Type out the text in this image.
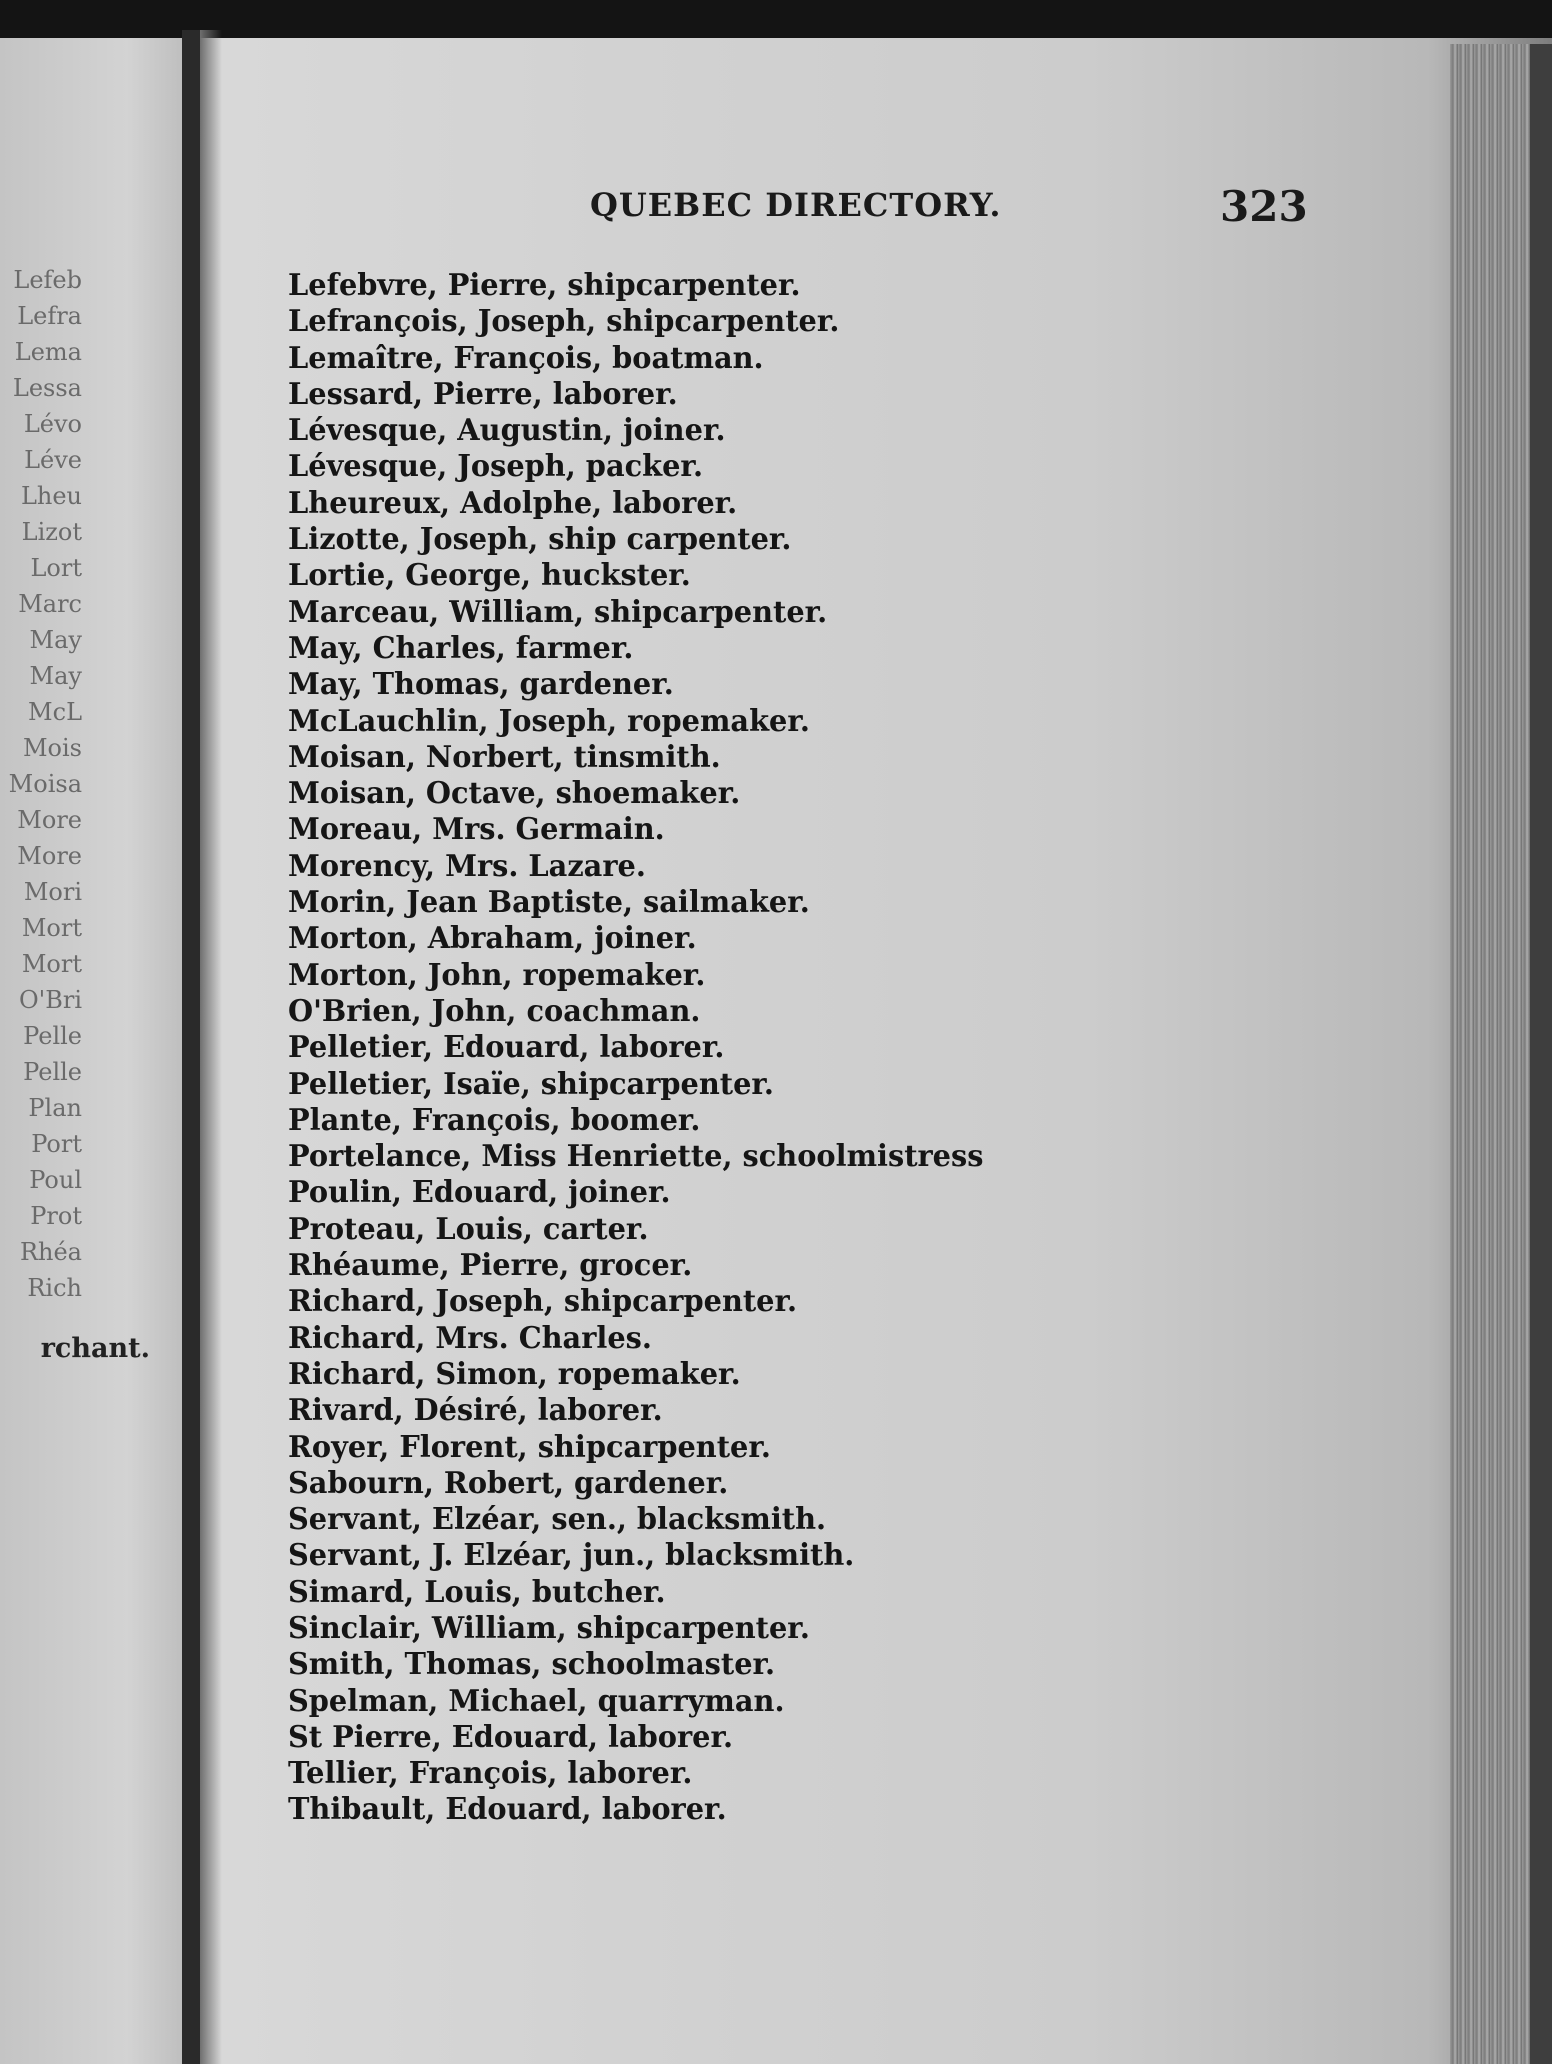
Lefeb
Lefra
Lema
Lessa
Lévo
Léve
Lheu
Lizot
Lort
Marc
May
May
McL
Mois
Moisa
More
More
Mori
Mort
Mort
O'Bri
Pelle
Pelle
Plan
Port
Poul
Prot
Rhéa
Rich
rchant.
QUEBEC DIRECTORY.	323
Lefebvre, Pierre, shipcarpenter.
Lefrançois, Joseph, shipcarpenter.
Lemaître, François, boatman.
Lessard, Pierre, laborer.
Lévesque, Augustin, joiner.
Lévesque, Joseph, packer.
Lheureux, Adolphe, laborer.
Lizotte, Joseph, ship carpenter.
Lortie, George, huckster.
Marceau, William, shipcarpenter.
May, Charles, farmer.
May, Thomas, gardener.
McLauchlin, Joseph, ropemaker.
Moisan, Norbert, tinsmith.
Moisan, Octave, shoemaker.
Moreau, Mrs. Germain.
Morency, Mrs. Lazare.
Morin, Jean Baptiste, sailmaker.
Morton, Abraham, joiner.
Morton, John, ropemaker.
O'Brien, John, coachman.
Pelletier, Edouard, laborer.
Pelletier, Isaïe, shipcarpenter.
Plante, François, boomer.
Portelance, Miss Henriette, schoolmistress
Poulin, Edouard, joiner.
Proteau, Louis, carter.
Rhéaume, Pierre, grocer.
Richard, Joseph, shipcarpenter.
Richard, Mrs. Charles.
Richard, Simon, ropemaker.
Rivard, Désiré, laborer.
Royer, Florent, shipcarpenter.
Sabourn, Robert, gardener.
Servant, Elzéar, sen., blacksmith.
Servant, J. Elzéar, jun., blacksmith.
Simard, Louis, butcher.
Sinclair, William, shipcarpenter.
Smith, Thomas, schoolmaster.
Spelman, Michael, quarryman.
St Pierre, Edouard, laborer.
Tellier, François, laborer.
Thibault, Edouard, laborer.
